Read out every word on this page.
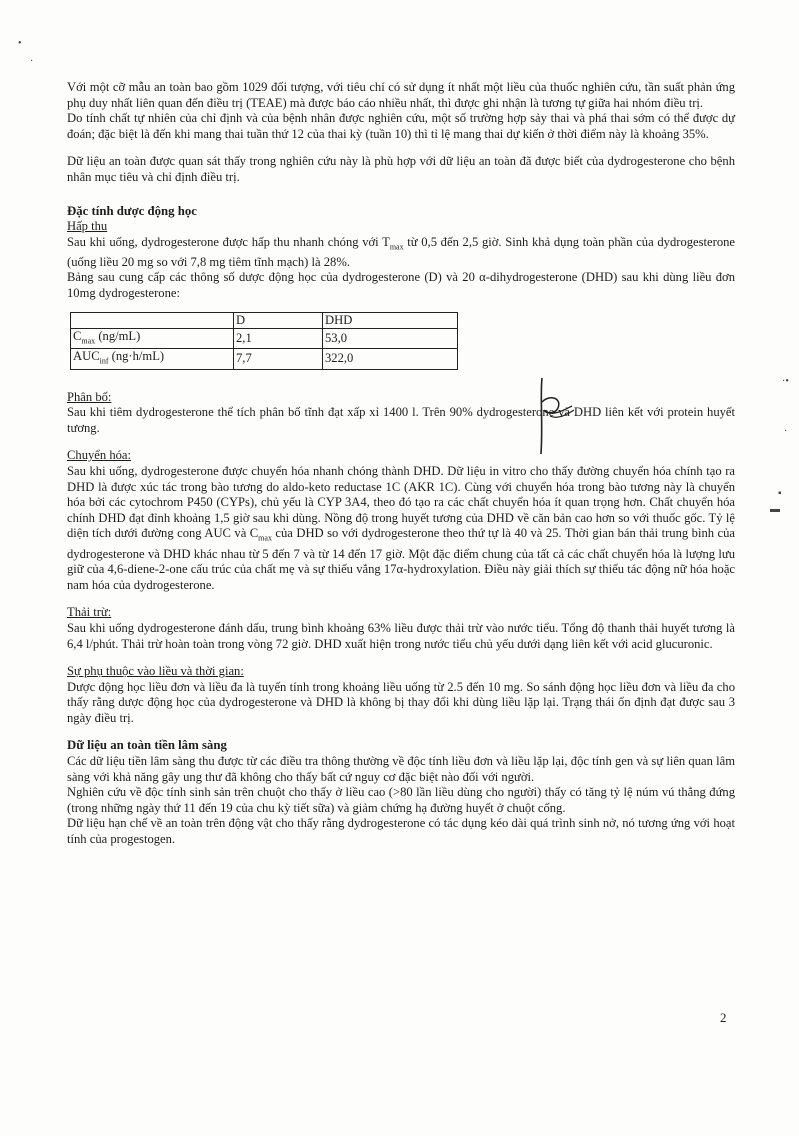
•
·
·•
·
▪
▬

Với một cỡ mẫu an toàn bao gồm 1029 đối tượng, với tiêu chí có sử dụng ít nhất một liều của thuốc nghiên cứu, tần suất phản ứng phụ duy nhất liên quan đến điều trị (TEAE) mà được báo cáo nhiều nhất, thì được ghi nhận là tương tự giữa hai nhóm điều trị.

Do tính chất tự nhiên của chỉ định và của bệnh nhân được nghiên cứu, một số trường hợp sảy thai và phá thai sớm có thể được dự đoán; đặc biệt là đến khi mang thai tuần thứ 12 của thai kỳ (tuần 10) thì tỉ lệ mang thai dự kiến ở thời điểm này là khoảng 35%.

Dữ liệu an toàn được quan sát thấy trong nghiên cứu này là phù hợp với dữ liệu an toàn đã được biết của dydrogesterone cho bệnh nhân mục tiêu và chỉ định điều trị.

Đặc tính dược động học
Hấp thu

Sau khi uống, dydrogesterone được hấp thu nhanh chóng với $T_{max}$ từ 0,5 đến 2,5 giờ. Sinh khả dụng toàn phần của dydrogesterone (uống liều 20 mg so với 7,8 mg tiêm tĩnh mạch) là 28%.

Bảng sau cung cấp các thông số dược động học của dydrogesterone (D) và 20 α-dihydrogesterone (DHD) sau khi dùng liều đơn 10mg dydrogesterone:

	D	DHD
$C_{max}$ (ng/mL)	2,1	53,0
$AUC_{inf}$ (ng·h/mL)	7,7	322,0
Phân bố:

Sau khi tiêm dydrogesterone thể tích phân bố tĩnh đạt xấp xỉ 1400 l. Trên 90% dydrogesterone và DHD liên kết với protein huyết tương.

Chuyển hóa:

Sau khi uống, dydrogesterone được chuyển hóa nhanh chóng thành DHD. Dữ liệu in vitro cho thấy đường chuyển hóa chính tạo ra DHD là được xúc tác trong bào tương do aldo-keto reductase 1C (AKR 1C). Cùng với chuyển hóa trong bào tương này là chuyển hóa bởi các cytochrom P450 (CYPs), chủ yếu là CYP 3A4, theo đó tạo ra các chất chuyển hóa ít quan trọng hơn. Chất chuyển hóa chính DHD đạt đỉnh khoảng 1,5 giờ sau khi dùng. Nồng độ trong huyết tương của DHD về căn bản cao hơn so với thuốc gốc. Tỷ lệ diện tích dưới đường cong AUC và $C_{max}$ của DHD so với dydrogesterone theo thứ tự là 40 và 25. Thời gian bán thải trung bình của dydrogesterone và DHD khác nhau từ 5 đến 7 và từ 14 đến 17 giờ. Một đặc điểm chung của tất cả các chất chuyển hóa là lượng lưu giữ của 4,6-diene-2-one cấu trúc của chất mẹ và sự thiếu vắng 17α-hydroxylation. Điều này giải thích sự thiếu tác động nữ hóa hoặc nam hóa của dydrogesterone.

Thải trừ:

Sau khi uống dydrogesterone đánh dấu, trung bình khoảng 63% liều được thải trừ vào nước tiểu. Tổng độ thanh thải huyết tương là 6,4 l/phút. Thải trừ hoàn toàn trong vòng 72 giờ. DHD xuất hiện trong nước tiểu chủ yếu dưới dạng liên kết với acid glucuronic.

Sự phụ thuộc vào liều và thời gian:

Dược động học liều đơn và liều đa là tuyến tính trong khoảng liều uống từ 2.5 đến 10 mg. So sánh động học liều đơn và liều đa cho thấy rằng dược động học của dydrogesterone và DHD là không bị thay đổi khi dùng liều lặp lại. Trạng thái ổn định đạt được sau 3 ngày điều trị.

Dữ liệu an toàn tiền lâm sàng

Các dữ liệu tiền lâm sàng thu được từ các điều tra thông thường về độc tính liều đơn và liều lặp lại, độc tính gen và sự liên quan lâm sàng với khả năng gây ung thư đã không cho thấy bất cứ nguy cơ đặc biệt nào đối với người.

Nghiên cứu về độc tính sinh sản trên chuột cho thấy ở liều cao (>80 lần liều dùng cho người) thấy có tăng tỷ lệ núm vú thẳng đứng (trong những ngày thứ 11 đến 19 của chu kỳ tiết sữa) và giảm chứng hạ đường huyết ở chuột cống.

Dữ liệu hạn chế về an toàn trên động vật cho thấy rằng dydrogesterone có tác dụng kéo dài quá trình sinh nở, nó tương ứng với hoạt tính của progestogen.

2
